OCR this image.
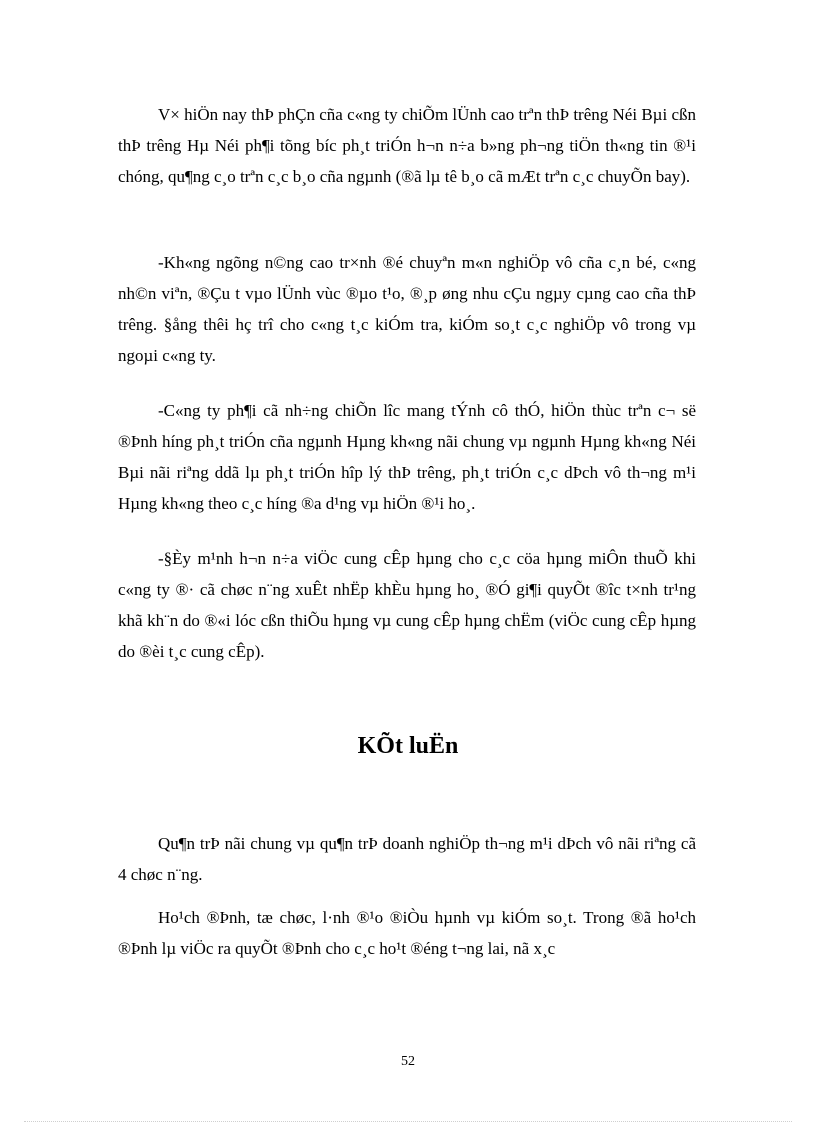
V× hiÖn nay thÞ phÇn cña c«ng ty chiÕm lÜnh cao trªn thÞ trêng Néi Bµi cßn thÞ trêng Hµ Néi ph¶i tõng bíc ph¸t triÓn h¬n n÷a b»ng ph¬ng tiÖn th«ng tin ®¹i chóng, qu¶ng c¸o trªn c¸c b¸o cña ngµnh (®ã lµ tê b¸o cã mÆt trªn c¸c chuyÕn bay).

-Kh«ng ngõng n©ng cao tr×nh ®é chuyªn m«n nghiÖp vô cña c¸n bé, c«ng nh©n viªn, ®Çu t vµo lÜnh vùc ®µo t¹o, ®¸p øng nhu cÇu ngµy cµng cao cña thÞ trêng. §ång thêi hç trî cho c«ng t¸c kiÓm tra, kiÓm so¸t c¸c nghiÖp vô trong vµ ngoµi c«ng ty.

-C«ng ty ph¶i cã nh÷ng chiÕn lîc mang tÝnh cô thÓ, hiÖn thùc trªn c¬ së ®Þnh híng ph¸t triÓn cña ngµnh Hµng kh«ng nãi chung vµ ngµnh Hµng kh«ng Néi Bµi nãi riªng ddã lµ ph¸t triÓn hîp lý thÞ trêng, ph¸t triÓn c¸c dÞch vô th¬ng m¹i Hµng kh«ng theo c¸c híng ®a d¹ng vµ hiÖn ®¹i ho¸.

-§Èy m¹nh h¬n n÷a viÖc cung cÊp hµng cho c¸c cöa hµng miÔn thuÕ khi c«ng ty ®· cã chøc n¨ng xuÊt nhËp khÈu hµng ho¸ ®Ó gi¶i quyÕt ®îc t×nh tr¹ng khã kh¨n do ®«i lóc cßn thiÕu hµng vµ cung cÊp hµng chËm (viÖc cung cÊp hµng do ®èi t¸c cung cÊp).

KÕt luËn

Qu¶n trÞ nãi chung vµ qu¶n trÞ doanh nghiÖp th¬ng m¹i dÞch vô nãi riªng cã 4 chøc n¨ng.

Ho¹ch ®Þnh, tæ chøc, l·nh ®¹o ®iÒu hµnh vµ kiÓm so¸t. Trong ®ã ho¹ch ®Þnh lµ viÖc ra quyÕt ®Þnh cho c¸c ho¹t ®éng t¬ng lai, nã x¸c

52
